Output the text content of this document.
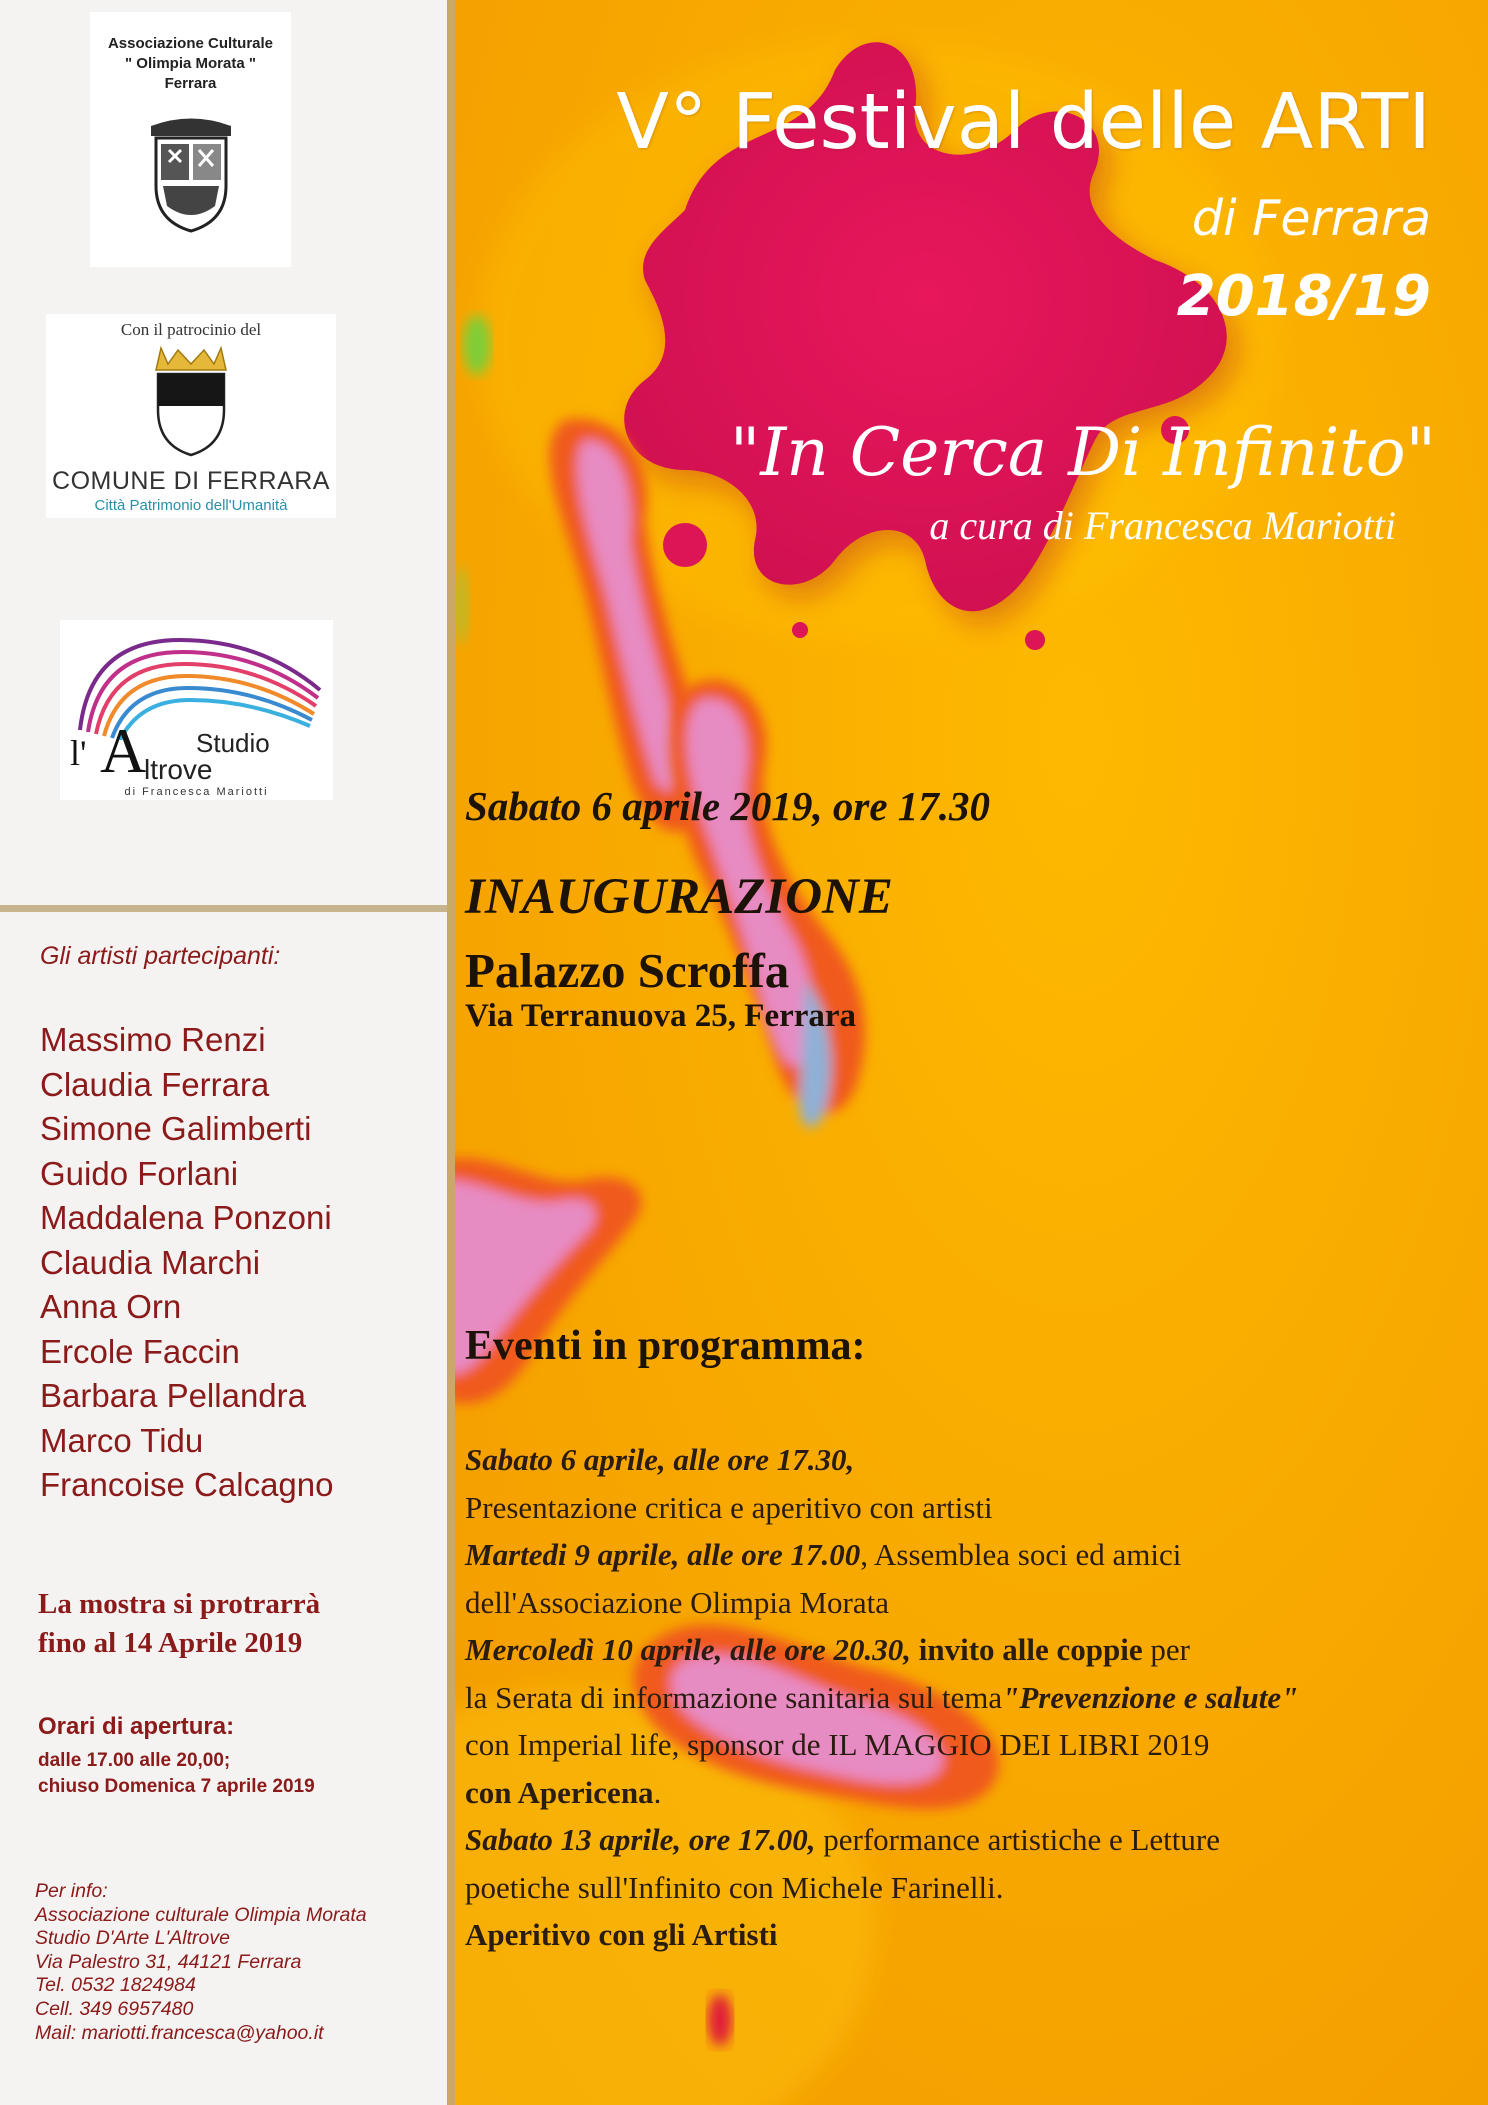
Associazione Culturale
" Olimpia Morata "
Ferrara
Con il patrocinio del
COMUNE DI FERRARA
Città Patrimonio dell'Umanità
l' A Studio
ltrove
di Francesca Mariotti
Gli artisti partecipanti:
Massimo Renzi
Claudia Ferrara
Simone Galimberti
Guido Forlani
Maddalena Ponzoni
Claudia Marchi
Anna Orn
Ercole Faccin
Barbara Pellandra
Marco Tidu
Francoise Calcagno
La mostra si protrarrà
fino al 14 Aprile 2019
Orari di apertura:
dalle 17.00 alle 20,00;
chiuso Domenica 7 aprile 2019
Per info:
Associazione culturale Olimpia Morata
Studio D'Arte L'Altrove
Via Palestro 31, 44121 Ferrara
Tel. 0532 1824984
Cell. 349 6957480
Mail: mariotti.francesca@yahoo.it
V° Festival delle ARTI
di Ferrara
2018/19
"In Cerca Di Infinito"
a cura di Francesca Mariotti
Sabato 6 aprile 2019, ore 17.30
INAUGURAZIONE
Palazzo Scroffa
Via Terranuova 25, Ferrara
Eventi in programma:
Sabato 6 aprile, alle ore 17.30,
Presentazione critica e aperitivo con artisti
Martedi 9 aprile, alle ore 17.00, Assemblea soci ed amici
dell'Associazione Olimpia Morata
Mercoledì 10 aprile, alle ore 20.30, invito alle coppie per
la Serata di informazione sanitaria sul tema"Prevenzione e salute"
con Imperial life, sponsor de IL MAGGIO DEI LIBRI 2019
con Apericena.
Sabato 13 aprile, ore 17.00, performance artistiche e Letture
poetiche sull'Infinito con Michele Farinelli.
Aperitivo con gli Artisti
